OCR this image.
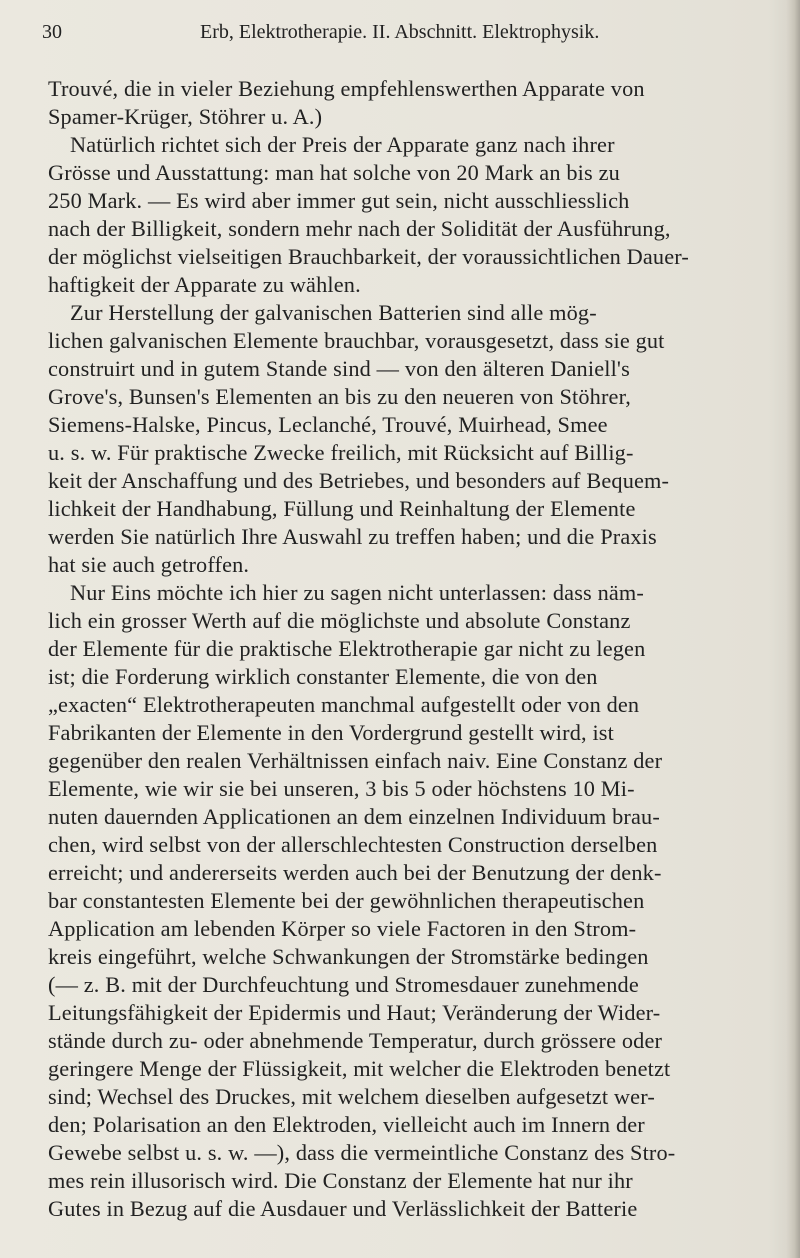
30	Erb, Elektrotherapie. II. Abschnitt. Elektrophysik.

Trouvé, die in vieler Beziehung empfehlenswerthen Apparate von
Spamer-Krüger, Stöhrer u. A.)

Natürlich richtet sich der Preis der Apparate ganz nach ihrer
Grösse und Ausstattung: man hat solche von 20 Mark an bis zu
250 Mark. — Es wird aber immer gut sein, nicht ausschliesslich
nach der Billigkeit, sondern mehr nach der Solidität der Ausführung,
der möglichst vielseitigen Brauchbarkeit, der voraussichtlichen Dauer-
haftigkeit der Apparate zu wählen.

Zur Herstellung der galvanischen Batterien sind alle mög-
lichen galvanischen Elemente brauchbar, vorausgesetzt, dass sie gut
construirt und in gutem Stande sind — von den älteren Daniell's
Grove's, Bunsen's Elementen an bis zu den neueren von Stöhrer,
Siemens-Halske, Pincus, Leclanché, Trouvé, Muirhead, Smee
u. s. w. Für praktische Zwecke freilich, mit Rücksicht auf Billig-
keit der Anschaffung und des Betriebes, und besonders auf Bequem-
lichkeit der Handhabung, Füllung und Reinhaltung der Elemente
werden Sie natürlich Ihre Auswahl zu treffen haben; und die Praxis
hat sie auch getroffen.

Nur Eins möchte ich hier zu sagen nicht unterlassen: dass näm-
lich ein grosser Werth auf die möglichste und absolute Constanz
der Elemente für die praktische Elektrotherapie gar nicht zu legen
ist; die Forderung wirklich constanter Elemente, die von den
„exacten“ Elektrotherapeuten manchmal aufgestellt oder von den
Fabrikanten der Elemente in den Vordergrund gestellt wird, ist
gegenüber den realen Verhältnissen einfach naiv. Eine Constanz der
Elemente, wie wir sie bei unseren, 3 bis 5 oder höchstens 10 Mi-
nuten dauernden Applicationen an dem einzelnen Individuum brau-
chen, wird selbst von der allerschlechtesten Construction derselben
erreicht; und andererseits werden auch bei der Benutzung der denk-
bar constantesten Elemente bei der gewöhnlichen therapeutischen
Application am lebenden Körper so viele Factoren in den Strom-
kreis eingeführt, welche Schwankungen der Stromstärke bedingen
(— z. B. mit der Durchfeuchtung und Stromesdauer zunehmende
Leitungsfähigkeit der Epidermis und Haut; Veränderung der Wider-
stände durch zu- oder abnehmende Temperatur, durch grössere oder
geringere Menge der Flüssigkeit, mit welcher die Elektroden benetzt
sind; Wechsel des Druckes, mit welchem dieselben aufgesetzt wer-
den; Polarisation an den Elektroden, vielleicht auch im Innern der
Gewebe selbst u. s. w. —), dass die vermeintliche Constanz des Stro-
mes rein illusorisch wird. Die Constanz der Elemente hat nur ihr
Gutes in Bezug auf die Ausdauer und Verlässlichkeit der Batterie
